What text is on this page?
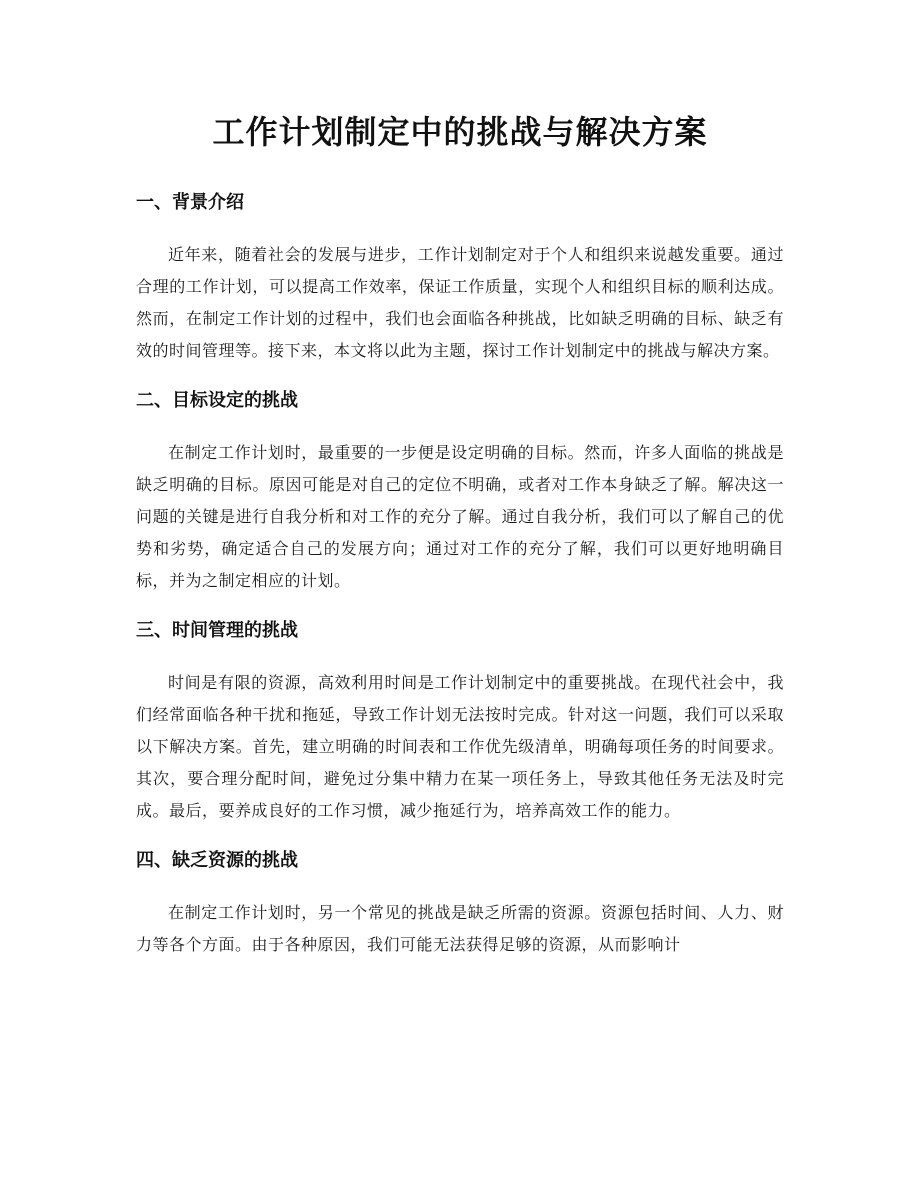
工作计划制定中的挑战与解决方案
一、背景介绍

近年来，随着社会的发展与进步，工作计划制定对于个人和组织来说越发重要。通过合理的工作计划，可以提高工作效率，保证工作质量，实现个人和组织目标的顺利达成。然而，在制定工作计划的过程中，我们也会面临各种挑战，比如缺乏明确的目标、缺乏有效的时间管理等。接下来，本文将以此为主题，探讨工作计划制定中的挑战与解决方案。

二、目标设定的挑战

在制定工作计划时，最重要的一步便是设定明确的目标。然而，许多人面临的挑战是缺乏明确的目标。原因可能是对自己的定位不明确，或者对工作本身缺乏了解。解决这一问题的关键是进行自我分析和对工作的充分了解。通过自我分析，我们可以了解自己的优势和劣势，确定适合自己的发展方向；通过对工作的充分了解，我们可以更好地明确目标，并为之制定相应的计划。

三、时间管理的挑战

时间是有限的资源，高效利用时间是工作计划制定中的重要挑战。在现代社会中，我们经常面临各种干扰和拖延，导致工作计划无法按时完成。针对这一问题，我们可以采取以下解决方案。首先，建立明确的时间表和工作优先级清单，明确每项任务的时间要求。其次，要合理分配时间，避免过分集中精力在某一项任务上，导致其他任务无法及时完成。最后，要养成良好的工作习惯，减少拖延行为，培养高效工作的能力。

四、缺乏资源的挑战

在制定工作计划时，另一个常见的挑战是缺乏所需的资源。资源包括时间、人力、财力等各个方面。由于各种原因，我们可能无法获得足够的资源，从而影响计
